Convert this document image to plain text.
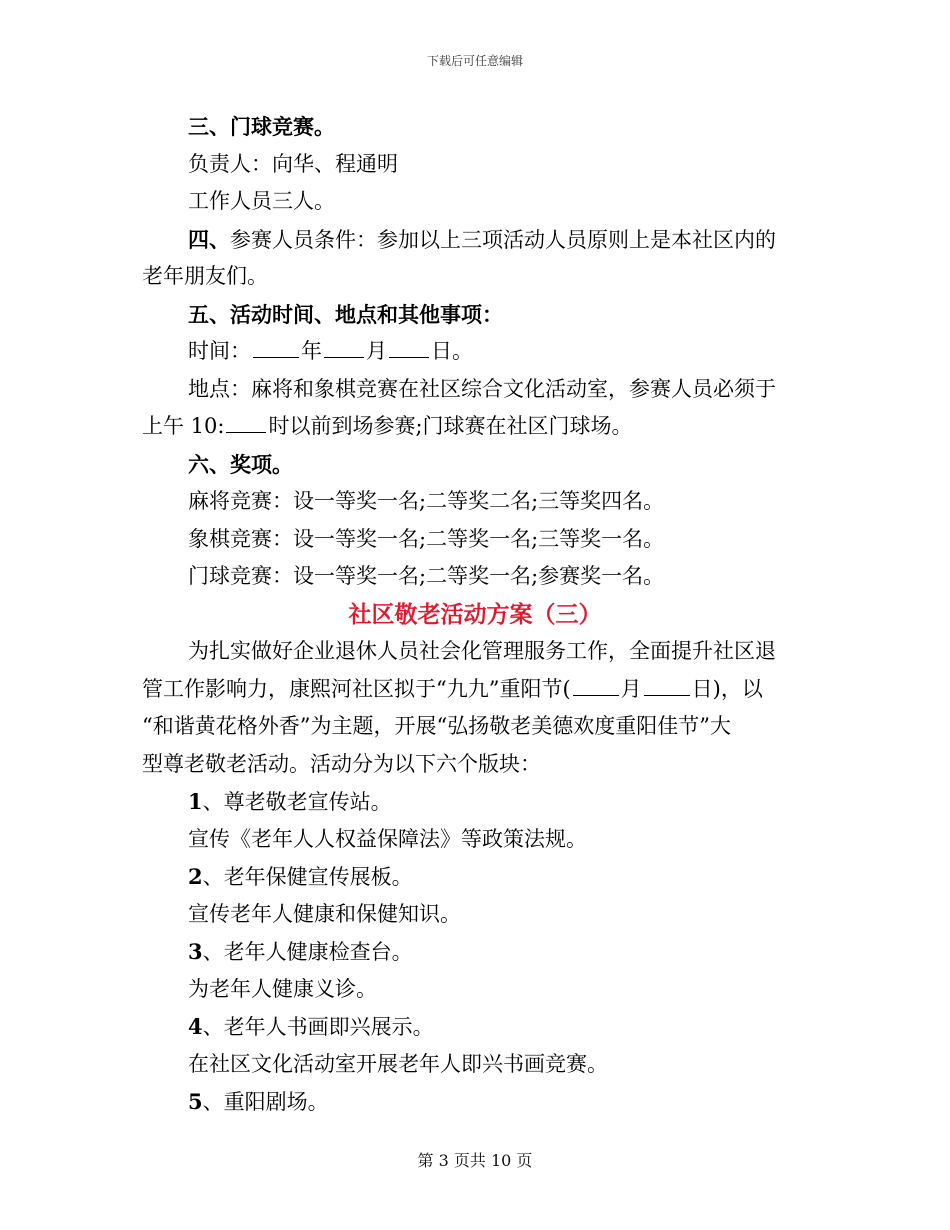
下载后可任意编辑
三、门球竞赛。
负责人：向华、程通明
工作人员三人。
四、参赛人员条件：参加以上三项活动人员原则上是本社区内的
老年朋友们。
五、活动时间、地点和其他事项：
时间： 年 月 日。
地点：麻将和象棋竞赛在社区综合文化活动室，参赛人员必须于
上午 10: 时以前到场参赛;门球赛在社区门球场。
六、奖项。
麻将竞赛：设一等奖一名;二等奖二名;三等奖四名。
象棋竞赛：设一等奖一名;二等奖一名;三等奖一名。
门球竞赛：设一等奖一名;二等奖一名;参赛奖一名。
社区敬老活动方案（三）
为扎实做好企业退休人员社会化管理服务工作，全面提升社区退
管工作影响力，康熙河社区拟于“九九”重阳节( 月 日)，以
“和谐黄花格外香”为主题，开展“弘扬敬老美德欢度重阳佳节”大
型尊老敬老活动。活动分为以下六个版块：
1、尊老敬老宣传站。
宣传《老年人人权益保障法》等政策法规。
2、老年保健宣传展板。
宣传老年人健康和保健知识。
3、老年人健康检查台。
为老年人健康义诊。
4、老年人书画即兴展示。
在社区文化活动室开展老年人即兴书画竞赛。
5、重阳剧场。
第 3 页共 10 页
